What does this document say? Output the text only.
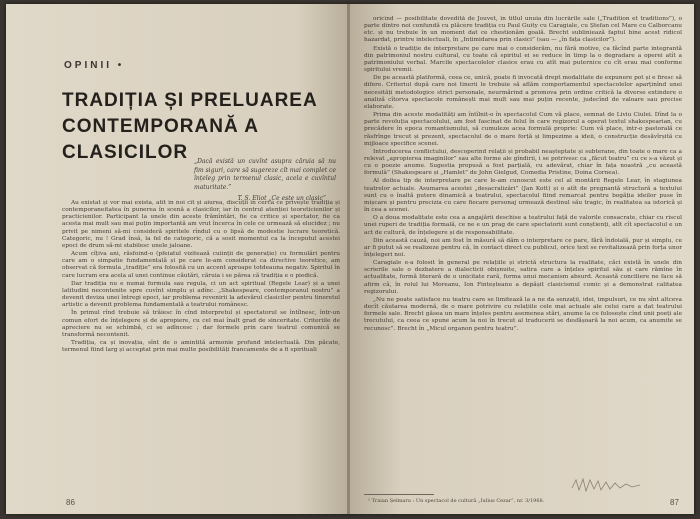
OPINII •
TRADIȚIA ȘI PRELUAREA
CONTEMPORANĂ A CLASICILOR „Dacă există un cuvînt asupra căruia să nu fim siguri, care să sugereze cît mai complet ce înțeleg prin termenul clasic, acela e cuvîntul maturitate.”
T. S. Eliot „Ce este un clasic”

Au existat și vor mai exista, atît în noi cît și aiurea, discuții în cerca ce privește tradiția și contemporaneitatea în punerea în scenă a clasicilor, iar în centrul atenției teoreticienilor și practicienilor. Participant la unele din aceste frămîntări, fie ca critice și spectator, fie ca acesta mai mult sau mai puțin importantă am vrut încerca în cele ce urmează să elucidez ; nu privit pe nimeni să-mi consideră spiritele rîndul cu o lipsă de modestie lucrare teoretică. Categoric, nu ! Grad însă, la fel de categoric, că a sosit momentul ca la începutul acestei epoci de drum să-mi stabilesc unele jaloane.

Acum cîțiva ani, răsfoind-o (pfeiatul vizitează cuiinții de generație) cu formulări pentru care am o simpatie fundamentală și pe care le-am considerat ca directive teoretice, am observat că formula „tradiție” era folosită cu un accent aproape totdeauna negativ. Spiritul în care lucram era acela al unei continue căutări, căruia i se părea că tradiția e o piedică.

Dar tradiția nu e numai formula sau regula, ci un act spiritual (Regele Lear) și a unei latitudini necontenite spre cuvînt simplu și adînc. „Shakespeare, contemporanul nostru” a devenit deviza unei întregi epoci, iar problema revenirii la adevărul clasicilor pentru tineretul artistic a devenit problema fundamentală a teatrului românesc.

În primul rînd trebuie să trăiesc în cînd interpretul și spectatorul se întîlnesc, într-un comun efort de înțelegere și de apropiere, cu cel mai înalt grad de sinceritate. Criteriile de apreciere nu se schimbă, ci se adîncesc ; dar formele prin care teatrul comunică se transformă necontenit.

Tradiția, ca și inovația, sînt de o amintită armonie profund intelectuală. Din păcate, termenul fiind larg și acceptat prin mai multe posibilități francamente de a fi spirituali

86

oricînd — posibilitate dovedită de Jouvet, în titlul unuia din lucrările sale („Tradition et traditions”), o parte dintre noi confundă cu plăcere tradiția cu Paul Guity cu Caragiale, cu Ștefan cel Mare cu Calborcanu etc. și nu trebuie în un moment dat ce chestionăm goală. Brecht subliniează faptul bine acest ridicol hazardat, printre intelectuali, în „Intimidarea prin clasici” (sau — „în fața clasicilor”).

Există o tradiție de interpretare pe care mai o considerăm, nu fără motive, ca făcînd parte integrantă din patrimoniul nostru cultural, cu toate că spiritul ei se reduce în timp la o degradare a operei atît a patrimoniului verbal. Marcile spectacolelor clasice erau cu atît mai puternice cu cît erau mai conforme spiritului vremii.

De pe această platformă, ceea ce, unică, poate fi invocată drept modalitate de expunere pot și e firesc să difere. Criteriul după care noi tinerii le trebuie să aflăm comportamentul spectacolelor aparținînd unei necesități metodologice strict personale, neurmărind a promova prin ordine critică la diverse extindere o analiză cîtorva spectacole românești mai mult sau mai puțin recente, judecînd de valoare sau precise elaborate.

Prima din aceste modalități am întîlnit-o în spectacolul Cum vă place, semnat de Liviu Ciulei. Dînd la o parte revoluția spectacolului, am fost fascinat de felul în care regizorul a operat textul shakespearian, cu precădere în epoca romantismului, să cumuleze acea formulă proprie: Cum vă place, intr-o pastorală ce răsfrînge trecut și prezent, spectacolul de o mare forță și limpezime a ideii, o construcție desăvîrșită cu mijloace specifice scenei.

Introducerea conflictului, descoperind relații și probabil neașteptate și subterane, din toate o mare ca a relevat „apropierea imaginilor” sau alte forme ale gîndirii, i se potrivesc ca „făcut teatru” cu ce s-a văzut și cu o poezie anume. Sugestia propusă a fost parțială, cu adevărat, chiar în fața noastră „cu această formulă” (Shakespeare și „Hamlet” de John Gielgud, Comedia Pristine, Doina Cornea).

Al doilea tip de interpretare pe care le-am cunoscut este cel al montării Regele Lear, în stagiunea teatrelor actuale. Asumarea acestei „desacralizări” (Jan Kott) și o atît de pregnantă structură a textului sunt cu o înaltă putere dinamică a teatrului, spectacolul fiind remarcat pentru bogăția ideilor puse în mișcare și pentru precizia cu care fiecare personaj urmează destinul său tragic, în realitatea sa istorică și în cea a scenei.

O a doua modalitate este cea a angajării deschise a teatrului față de valorile consacrate, chiar cu riscul unei ruperi de tradiția formală, ce ne e un prag de care spectatorii sunt conștienți, atît cît spectacolul e un act de cultură, de înțelegere și de responsabilitate.

Din această cauză, noi am fost în măsură să dăm o interpretare ce pare, fără îndoială, pur și simplu, ce ar fi putut să se realizeze pentru că, în contact direct cu publicul, orice text se revitalizează prin forța unor înțelegeri noi.

Caragiale e-a folosit în general pe relațiile și strictă structura la realitate, căci există în unele din scrierile sale o dezbatere a dialecticii obișnuite, satira care a înțeles spiritul său și care rămîne în actualitate, formă literară de o unicitate rară, forma unui mecanism absurd. Această conciliere ne face să afirm că, în rolul lui Moreanu, Ion Finteșteanu a depășit clasicismul comic și a demonstrat calitatea regizorului.

„Nu ne poate satisface nu teatru care se limitează la a ne da senzații, idei, impulsuri, ce nu sînt altceva decît căutarea modernă, de o mare potrivire cu relațiile cele mai actuale ale celui care a dat teatrului formele sale. Brecht găsea un mare înțeles pentru asemenea stări, anume la ce folosește cînd unii poeți ale trecutului, ca ceea ce spune acum la noi în trecut al traducerii se desfășoară la noi acum, ca anumite se recunosc”. Brecht în „Micul organon pentru teatru”.

¹ Traian Șelmaru : Un spectacol de cultură „Iulius Cezar”, nr. 3/1968.	87
